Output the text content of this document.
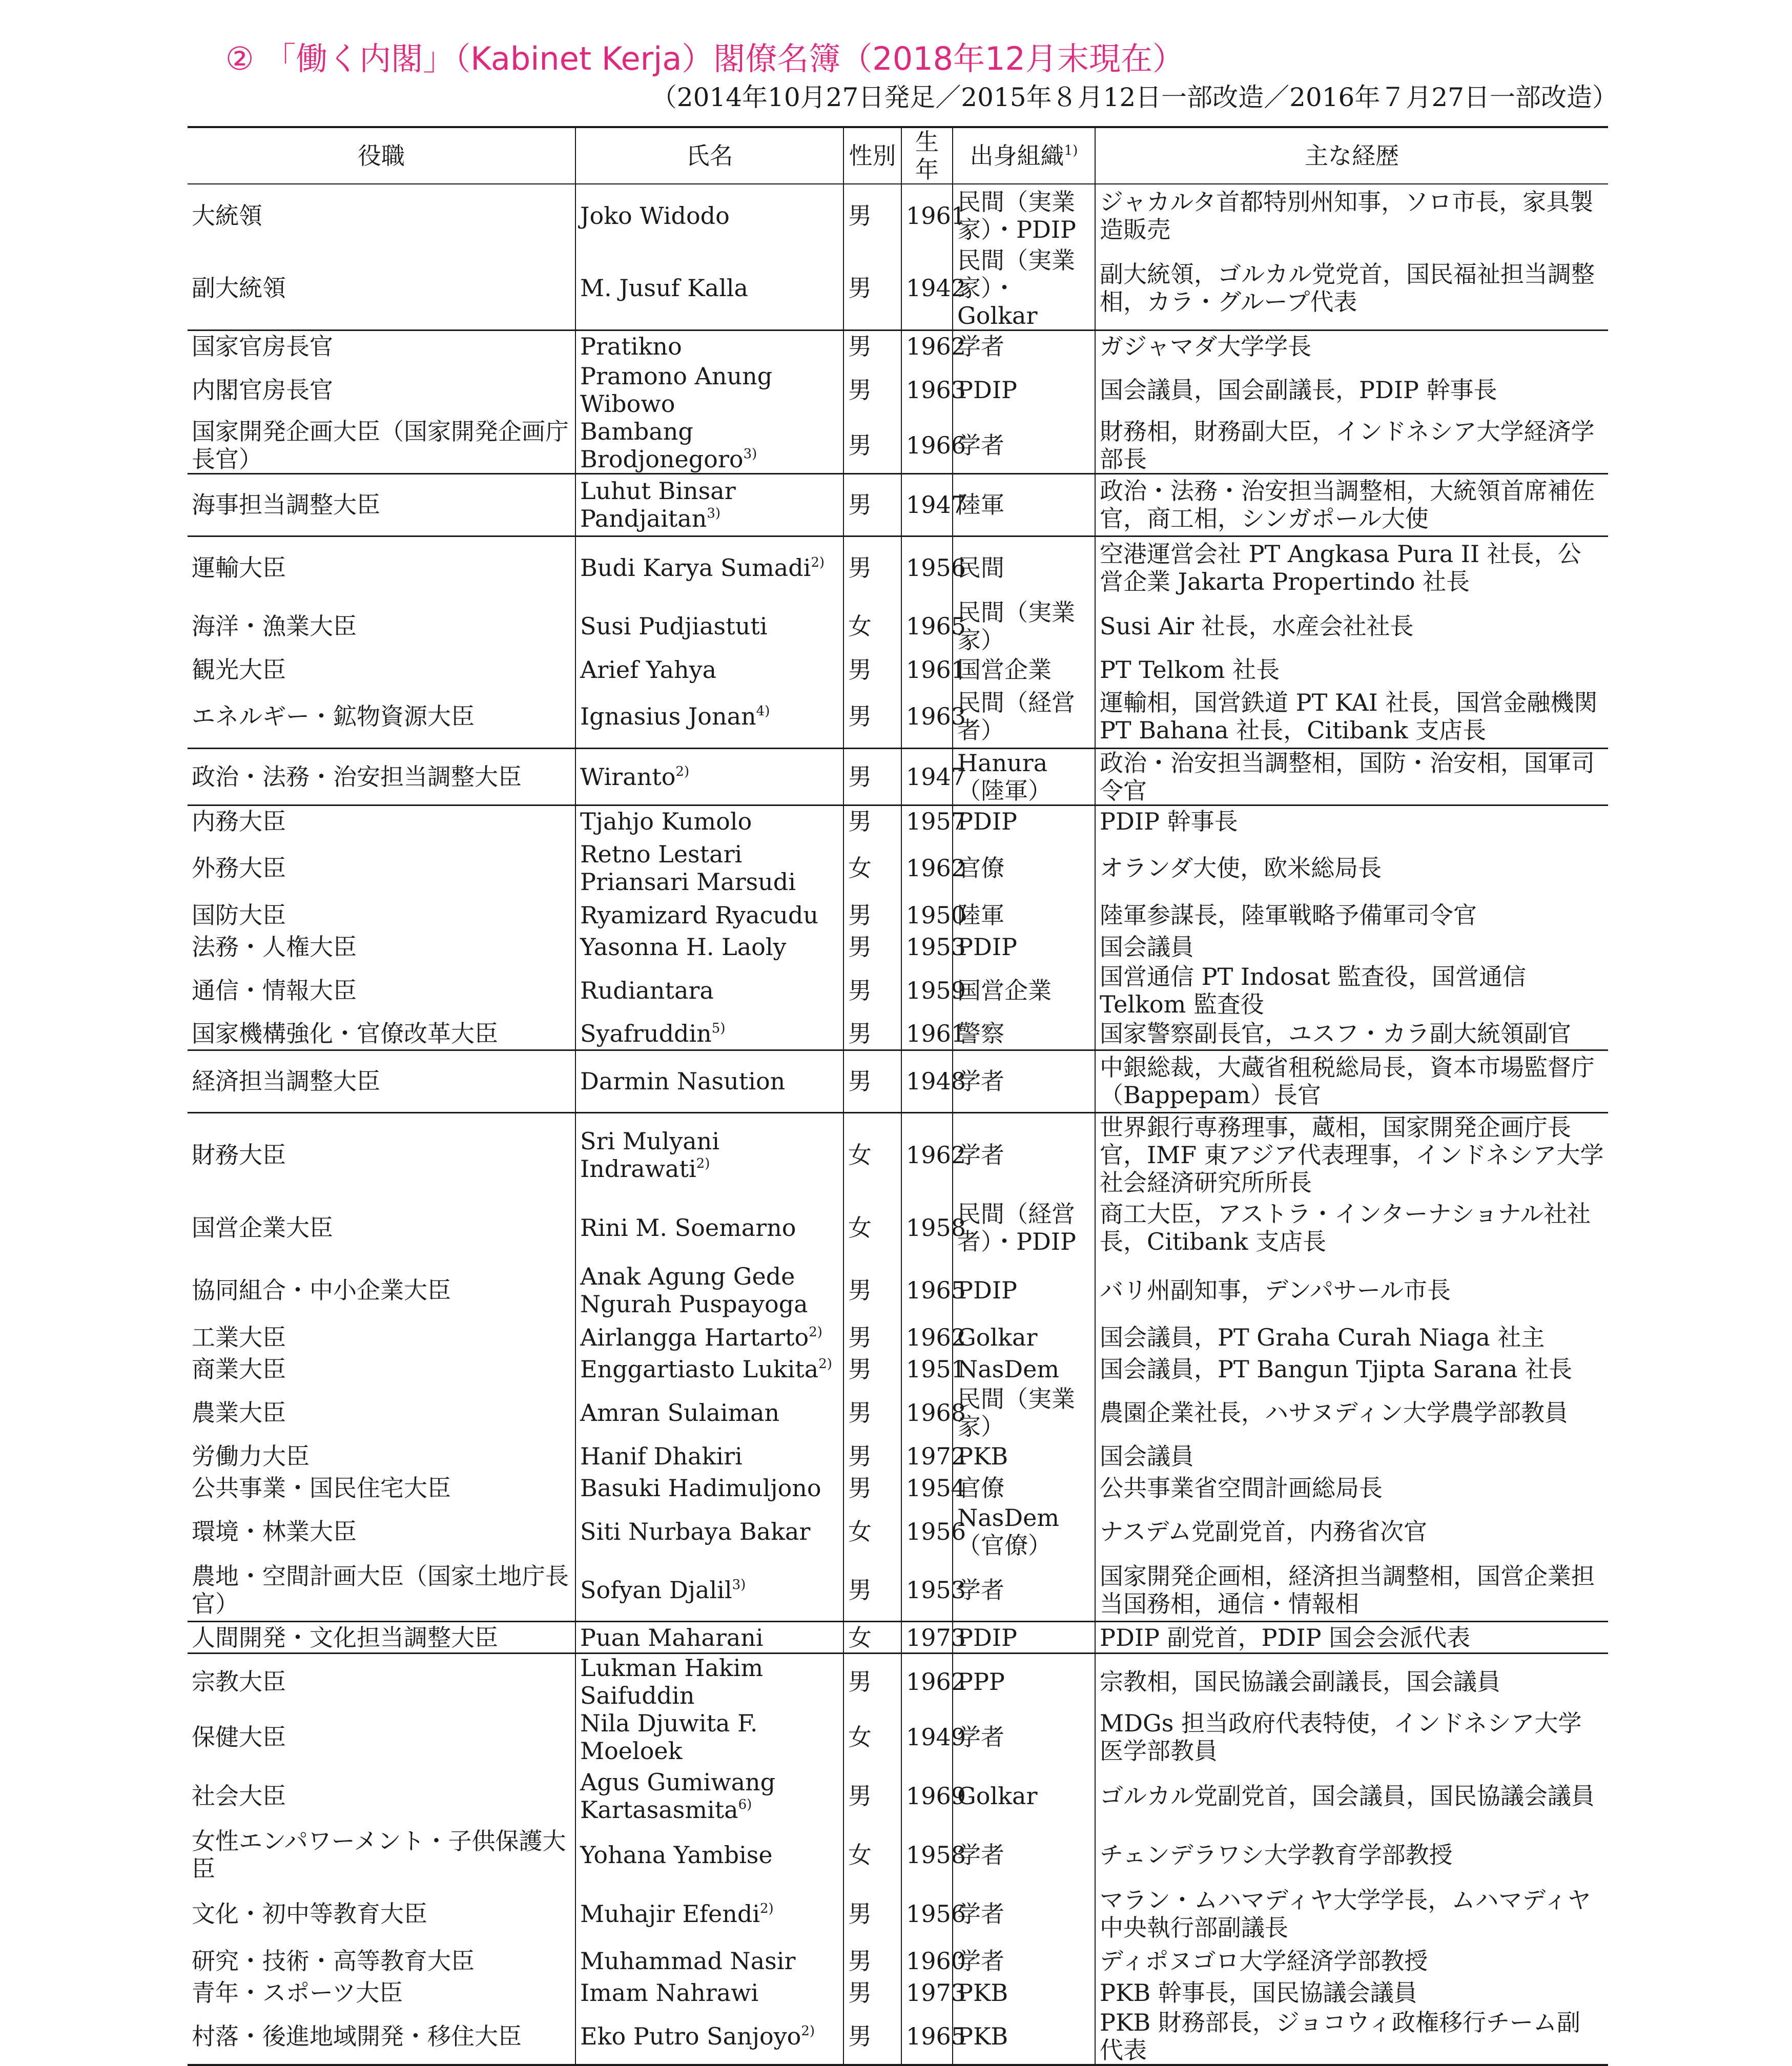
② 「働く内閣」（Kabinet Kerja）閣僚名簿（2018年12月末現在）
（2014年10月27日発足／2015年８月12日一部改造／2016年７月27日一部改造）
役職	氏名	性別	生年	出身組織$^{1)}$	主な経歴
大統領	Joko Widodo	男	1961	民間（実業家）・PDIP	ジャカルタ首都特別州知事，ソロ市長，家具製造販売
副大統領	M. Jusuf Kalla	男	1942	民間（実業家）・Golkar	副大統領，ゴルカル党党首，国民福祉担当調整相，カラ・グループ代表
国家官房長官	Pratikno	男	1962	学者	ガジャマダ大学学長
内閣官房長官	Pramono Anung Wibowo	男	1963	PDIP	国会議員，国会副議長，PDIP 幹事長
国家開発企画大臣（国家開発企画庁長官）	Bambang Brodjonegoro$^{3)}$	男	1966	学者	財務相，財務副大臣，インドネシア大学経済学部長
海事担当調整大臣	Luhut Binsar Pandjaitan$^{3)}$	男	1947	陸軍	政治・法務・治安担当調整相，大統領首席補佐官，商工相，シンガポール大使
運輸大臣	Budi Karya Sumadi$^{2)}$	男	1956	民間	空港運営会社 PT Angkasa Pura II 社長，公営企業 Jakarta Propertindo 社長
海洋・漁業大臣	Susi Pudjiastuti	女	1965	民間（実業家）	Susi Air 社長，水産会社社長
観光大臣	Arief Yahya	男	1961	国営企業	PT Telkom 社長
エネルギー・鉱物資源大臣	Ignasius Jonan$^{4)}$	男	1963	民間（経営者）	運輸相，国営鉄道 PT KAI 社長，国営金融機関 PT Bahana 社長，Citibank 支店長
政治・法務・治安担当調整大臣	Wiranto$^{2)}$	男	1947	Hanura（陸軍）	政治・治安担当調整相，国防・治安相，国軍司令官
内務大臣	Tjahjo Kumolo	男	1957	PDIP	PDIP 幹事長
外務大臣	Retno Lestari Priansari Marsudi	女	1962	官僚	オランダ大使，欧米総局長
国防大臣	Ryamizard Ryacudu	男	1950	陸軍	陸軍参謀長，陸軍戦略予備軍司令官
法務・人権大臣	Yasonna H. Laoly	男	1953	PDIP	国会議員
通信・情報大臣	Rudiantara	男	1959	国営企業	国営通信 PT Indosat 監査役，国営通信 Telkom 監査役
国家機構強化・官僚改革大臣	Syafruddin$^{5)}$	男	1961	警察	国家警察副長官，ユスフ・カラ副大統領副官
経済担当調整大臣	Darmin Nasution	男	1948	学者	中銀総裁，大蔵省租税総局長，資本市場監督庁（Bappepam）長官
財務大臣	Sri Mulyani Indrawati$^{2)}$	女	1962	学者	世界銀行専務理事，蔵相，国家開発企画庁長官，IMF 東アジア代表理事，インドネシア大学社会経済研究所所長
国営企業大臣	Rini M. Soemarno	女	1958	民間（経営者）・PDIP	商工大臣，アストラ・インターナショナル社社長，Citibank 支店長
協同組合・中小企業大臣	Anak Agung Gede Ngurah Puspayoga	男	1965	PDIP	バリ州副知事，デンパサール市長
工業大臣	Airlangga Hartarto$^{2)}$	男	1962	Golkar	国会議員，PT Graha Curah Niaga 社主
商業大臣	Enggartiasto Lukita$^{2)}$	男	1951	NasDem	国会議員，PT Bangun Tjipta Sarana 社長
農業大臣	Amran Sulaiman	男	1968	民間（実業家）	農園企業社長，ハサヌディン大学農学部教員
労働力大臣	Hanif Dhakiri	男	1972	PKB	国会議員
公共事業・国民住宅大臣	Basuki Hadimuljono	男	1954	官僚	公共事業省空間計画総局長
環境・林業大臣	Siti Nurbaya Bakar	女	1956	NasDem（官僚）	ナスデム党副党首，内務省次官
農地・空間計画大臣（国家土地庁長官）	Sofyan Djalil$^{3)}$	男	1953	学者	国家開発企画相，経済担当調整相，国営企業担当国務相，通信・情報相
人間開発・文化担当調整大臣	Puan Maharani	女	1973	PDIP	PDIP 副党首，PDIP 国会会派代表
宗教大臣	Lukman Hakim Saifuddin	男	1962	PPP	宗教相，国民協議会副議長，国会議員
保健大臣	Nila Djuwita F. Moeloek	女	1949	学者	MDGs 担当政府代表特使，インドネシア大学医学部教員
社会大臣	Agus Gumiwang Kartasasmita$^{6)}$	男	1969	Golkar	ゴルカル党副党首，国会議員，国民協議会議員
女性エンパワーメント・子供保護大臣	Yohana Yambise	女	1958	学者	チェンデラワシ大学教育学部教授
文化・初中等教育大臣	Muhajir Efendi$^{2)}$	男	1956	学者	マラン・ムハマディヤ大学学長，ムハマディヤ中央執行部副議長
研究・技術・高等教育大臣	Muhammad Nasir	男	1960	学者	ディポヌゴロ大学経済学部教授
青年・スポーツ大臣	Imam Nahrawi	男	1973	PKB	PKB 幹事長，国民協議会議員
村落・後進地域開発・移住大臣	Eko Putro Sanjoyo$^{2)}$	男	1965	PKB	PKB 財務部長，ジョコウィ政権移行チーム副代表
